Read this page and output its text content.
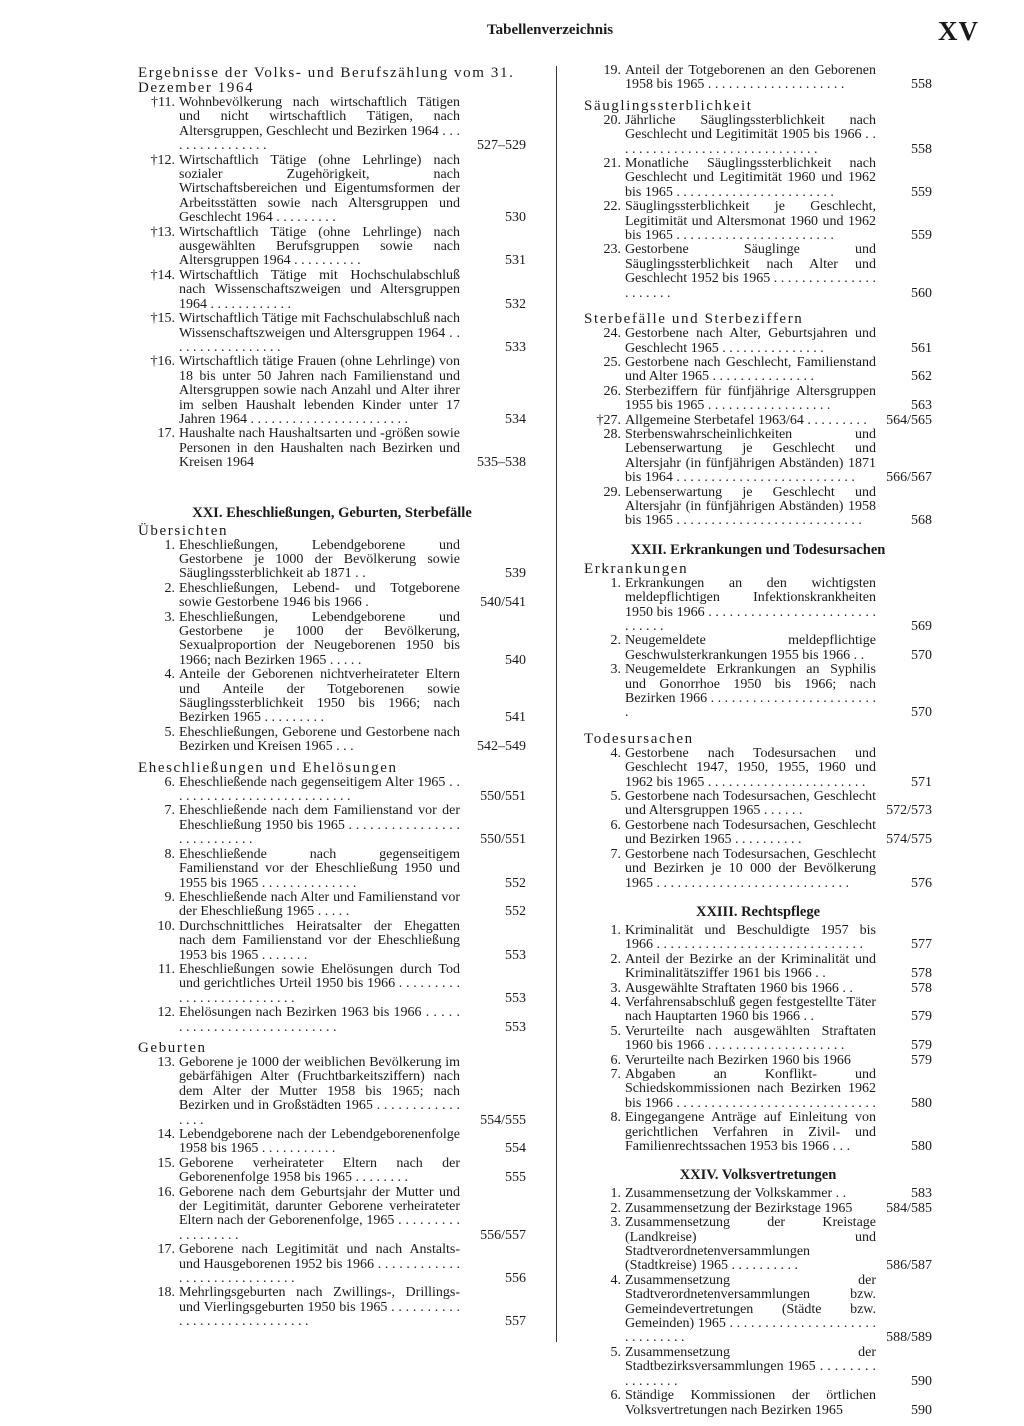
Tabellenverzeichnis	XV
Ergebnisse der Volks- und Berufszählung vom 31. Dezember 1964
†11. Wohnbevölkerung nach wirtschaftlich Tätigen und nicht wirtschaftlich Tätigen, nach Altersgruppen, Geschlecht und Bezirken 1964 . . . . . . . . . . . . . . . .	527–529
†12. Wirtschaftlich Tätige (ohne Lehrlinge) nach sozialer Zugehörigkeit, nach Wirtschaftsbereichen und Eigentumsformen der Arbeitsstätten sowie nach Altersgruppen und Geschlecht 1964 . . . . . . . . .	530
†13. Wirtschaftlich Tätige (ohne Lehrlinge) nach ausgewählten Berufsgruppen sowie nach Altersgruppen 1964 . . . . . . . . . .	531
†14. Wirtschaftlich Tätige mit Hochschulabschluß nach Wissenschaftszweigen und Altersgruppen 1964 . . . . . . . . . . . .	532
†15. Wirtschaftlich Tätige mit Fachschulabschluß nach Wissenschaftszweigen und Altersgruppen 1964 . . . . . . . . . . . . . . . . .	533
†16. Wirtschaftlich tätige Frauen (ohne Lehrlinge) von 18 bis unter 50 Jahren nach Familienstand und Altersgruppen sowie nach Anzahl und Alter ihrer im selben Haushalt lebenden Kinder unter 17 Jahren 1964 . . . . . . . . . . . . . . . . . . . . . . .	534
17. Haushalte nach Haushaltsarten und -größen sowie Personen in den Haushalten nach Bezirken und Kreisen 1964	535–538
XXI. Eheschließungen, Geburten, Sterbefälle
Übersichten
1. Eheschließungen, Lebendgeborene und Gestorbene je 1000 der Bevölkerung sowie Säuglingssterblichkeit ab 1871 . .	539
2. Eheschließungen, Lebend- und Totgeborene sowie Gestorbene 1946 bis 1966 .	540/541
3. Eheschließungen, Lebendgeborene und Gestorbene je 1000 der Bevölkerung, Sexualproportion der Neugeborenen 1950 bis 1966; nach Bezirken 1965 . . . . .	540
4. Anteile der Geborenen nichtverheirateter Eltern und Anteile der Totgeborenen sowie Säuglingssterblichkeit 1950 bis 1966; nach Bezirken 1965 . . . . . . . . .	541
5. Eheschließungen, Geborene und Gestorbene nach Bezirken und Kreisen 1965 . . .	542–549
Eheschließungen und Ehelösungen
6. Eheschließende nach gegenseitigem Alter 1965 . . . . . . . . . . . . . . . . . . . . . . . . . . .	550/551
7. Eheschließende nach dem Familienstand vor der Eheschließung 1950 bis 1965 . . . . . . . . . . . . . . . . . . . . . . . . . . .	550/551
8. Eheschließende nach gegenseitigem Familienstand vor der Eheschließung 1950 und 1955 bis 1965 . . . . . . . . . . . . . .	552
9. Eheschließende nach Alter und Familienstand vor der Eheschließung 1965 . . . . .	552
10. Durchschnittliches Heiratsalter der Ehegatten nach dem Familienstand vor der Eheschließung 1953 bis 1965 . . . . . . .	553
11. Eheschließungen sowie Ehelösungen durch Tod und gerichtliches Urteil 1950 bis 1966 . . . . . . . . . . . . . . . . . . . . . . . . . .	553
12. Ehelösungen nach Bezirken 1963 bis 1966 . . . . . . . . . . . . . . . . . . . . . . . . . . . .	553
Geburten
13. Geborene je 1000 der weiblichen Bevölkerung im gebärfähigen Alter (Fruchtbarkeitsziffern) nach dem Alter der Mutter 1958 bis 1965; nach Bezirken und in Großstädten 1965 . . . . . . . . . . . . . . . .	554/555
14. Lebendgeborene nach der Lebendgeborenenfolge 1958 bis 1965 . . . . . . . . . . .	554
15. Geborene verheirateter Eltern nach der Geborenenfolge 1958 bis 1965 . . . . . . . .	555
16. Geborene nach dem Geburtsjahr der Mutter und der Legitimität, darunter Geborene verheirateter Eltern nach der Geborenenfolge, 1965 . . . . . . . . . . . . . . . . . .	556/557
17. Geborene nach Legitimität und nach Anstalts- und Hausgeborenen 1952 bis 1966 . . . . . . . . . . . . . . . . . . . . . . . . . . . . .	556
18. Mehrlingsgeburten nach Zwillings-, Drillings- und Vierlingsgeburten 1950 bis 1965 . . . . . . . . . . . . . . . . . . . . . . . . . . . . .	557
19. Anteil der Totgeborenen an den Geborenen 1958 bis 1965 . . . . . . . . . . . . . . . . . . . .	558
Säuglingssterblichkeit
20. Jährliche Säuglingssterblichkeit nach Geschlecht und Legitimität 1905 bis 1966 . . . . . . . . . . . . . . . . . . . . . . . . . . . . . .	558
21. Monatliche Säuglingssterblichkeit nach Geschlecht und Legitimität 1960 und 1962 bis 1965 . . . . . . . . . . . . . . . . . . . . . . .	559
22. Säuglingssterblichkeit je Geschlecht, Legitimität und Altersmonat 1960 und 1962 bis 1965 . . . . . . . . . . . . . . . . . . . . . . .	559
23. Gestorbene Säuglinge und Säuglingssterblichkeit nach Alter und Geschlecht 1952 bis 1965 . . . . . . . . . . . . . . . . . . . . . .	560
Sterbefälle und Sterbeziffern
24. Gestorbene nach Alter, Geburtsjahren und Geschlecht 1965 . . . . . . . . . . . . . . .	561
25. Gestorbene nach Geschlecht, Familienstand und Alter 1965 . . . . . . . . . . . . . . .	562
26. Sterbeziffern für fünfjährige Altersgruppen 1955 bis 1965 . . . . . . . . . . . . . . . . . .	563
†27. Allgemeine Sterbetafel 1963/64 . . . . . . . . .	564/565
28. Sterbenswahrscheinlichkeiten und Lebenserwartung je Geschlecht und Altersjahr (in fünfjährigen Abständen) 1871 bis 1964 . . . . . . . . . . . . . . . . . . . . . . . . . .	566/567
29. Lebenserwartung je Geschlecht und Altersjahr (in fünfjährigen Abständen) 1958 bis 1965 . . . . . . . . . . . . . . . . . . . . . . . . . . .	568
XXII. Erkrankungen und Todesursachen
Erkrankungen
1. Erkrankungen an den wichtigsten meldepflichtigen Infektionskrankheiten 1950 bis 1966 . . . . . . . . . . . . . . . . . . . . . . . . . . . . . .	569
2. Neugemeldete meldepflichtige Geschwulsterkrankungen 1955 bis 1966 . .	570
3. Neugemeldete Erkrankungen an Syphilis und Gonorrhoe 1950 bis 1966; nach Bezirken 1966 . . . . . . . . . . . . . . . . . . . . . . . . .	570
Todesursachen
4. Gestorbene nach Todesursachen und Geschlecht 1947, 1950, 1955, 1960 und 1962 bis 1965 . . . . . . . . . . . . . . . . . . . . . . .	571
5. Gestorbene nach Todesursachen, Geschlecht und Altersgruppen 1965 . . . . . .	572/573
6. Gestorbene nach Todesursachen, Geschlecht und Bezirken 1965 . . . . . . . . . .	574/575
7. Gestorbene nach Todesursachen, Geschlecht und Bezirken je 10 000 der Bevölkerung 1965 . . . . . . . . . . . . . . . . . . . . . . . . . . . .	576
XXIII. Rechtspflege
1. Kriminalität und Beschuldigte 1957 bis 1966 . . . . . . . . . . . . . . . . . . . . . . . . . . . . . .	577
2. Anteil der Bezirke an der Kriminalität und Kriminalitätsziffer 1961 bis 1966 . .	578
3. Ausgewählte Straftaten 1960 bis 1966 . .	578
4. Verfahrensabschluß gegen festgestellte Täter nach Hauptarten 1960 bis 1966 . .	579
5. Verurteilte nach ausgewählten Straftaten 1960 bis 1966 . . . . . . . . . . . . . . . . . . . .	579
6. Verurteilte nach Bezirken 1960 bis 1966	579
7. Abgaben an Konflikt- und Schiedskommissionen nach Bezirken 1962 bis 1966 . . . . . . . . . . . . . . . . . . . . . . . . . . . . .	580
8. Eingegangene Anträge auf Einleitung von gerichtlichen Verfahren in Zivil- und Familienrechtssachen 1953 bis 1966 . . .	580
XXIV. Volksvertretungen
1. Zusammensetzung der Volkskammer . .	583
2. Zusammensetzung der Bezirkstage 1965	584/585
3. Zusammensetzung der Kreistage (Landkreise) und Stadtverordnetenversammlungen (Stadtkreise) 1965 . . . . . . . . . .	586/587
4. Zusammensetzung der Stadtverordnetenversammlungen bzw. Gemeindevertretungen (Städte bzw. Gemeinden) 1965 . . . . . . . . . . . . . . . . . . . . . . . . . . . . . .	588/589
5. Zusammensetzung der Stadtbezirksversammlungen 1965 . . . . . . . . . . . . . . . .	590
6. Ständige Kommissionen der örtlichen Volksvertretungen nach Bezirken 1965	590
